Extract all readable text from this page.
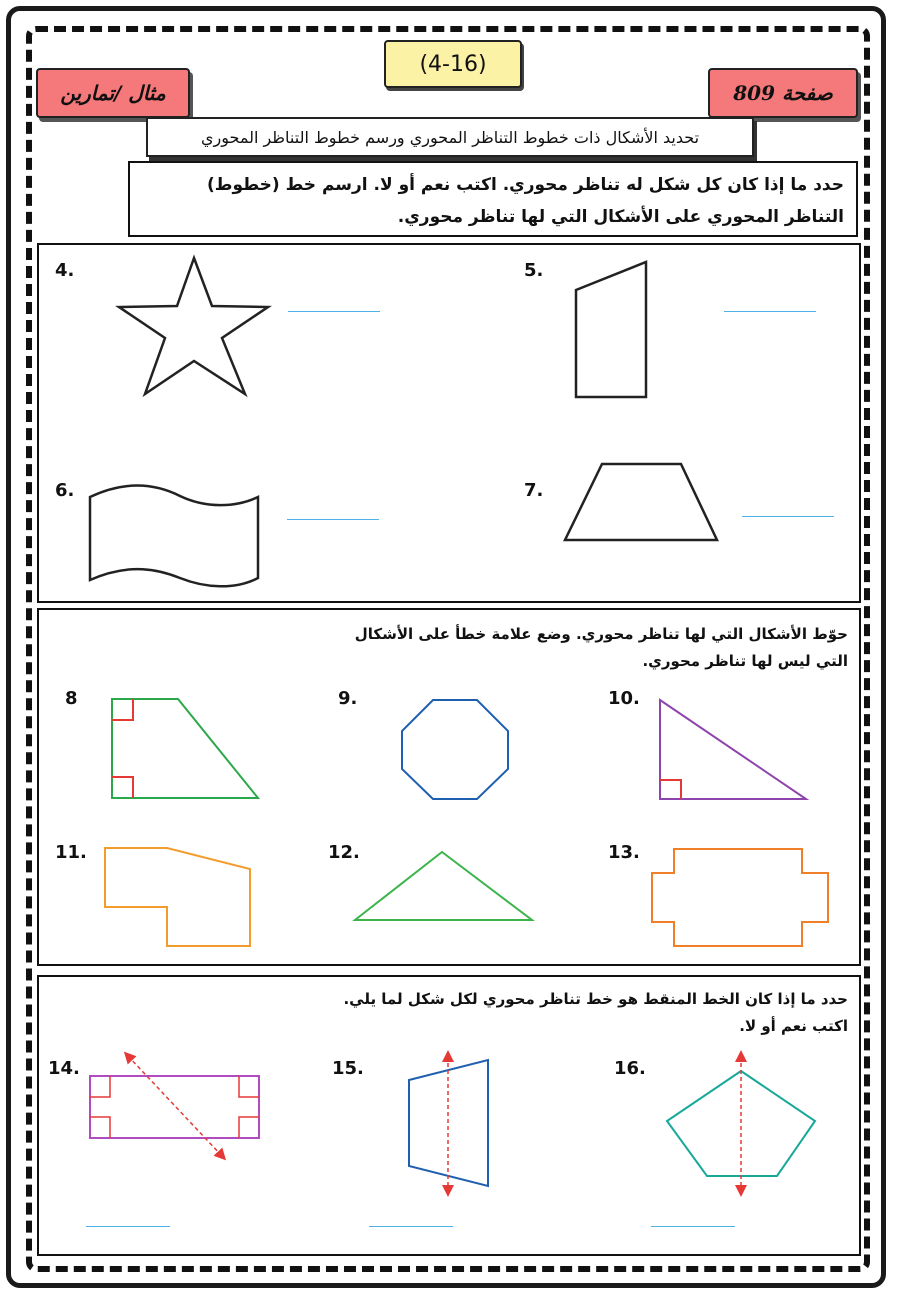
(4-16)
مثال /تمارين	صفحة 809
تحديد الأشكال ذات خطوط التناظر المحوري ورسم خطوط التناظر المحوري
حدد ما إذا كان كل شكل له تناظر محوري. اكتب نعم أو لا. ارسم خط (خطوط)
التناظر المحوري على الأشكال التي لها تناظر محوري.
4.	5.
6.	7.
حوّط الأشكال التي لها تناظر محوري. وضع علامة خطأ على الأشكال
التي ليس لها تناظر محوري.
8	9.	10.
11.	12.	13.
حدد ما إذا كان الخط المنقط هو خط تناظر محوري لكل شكل لما يلي.
اكتب نعم أو لا.
14.	15.	16.
